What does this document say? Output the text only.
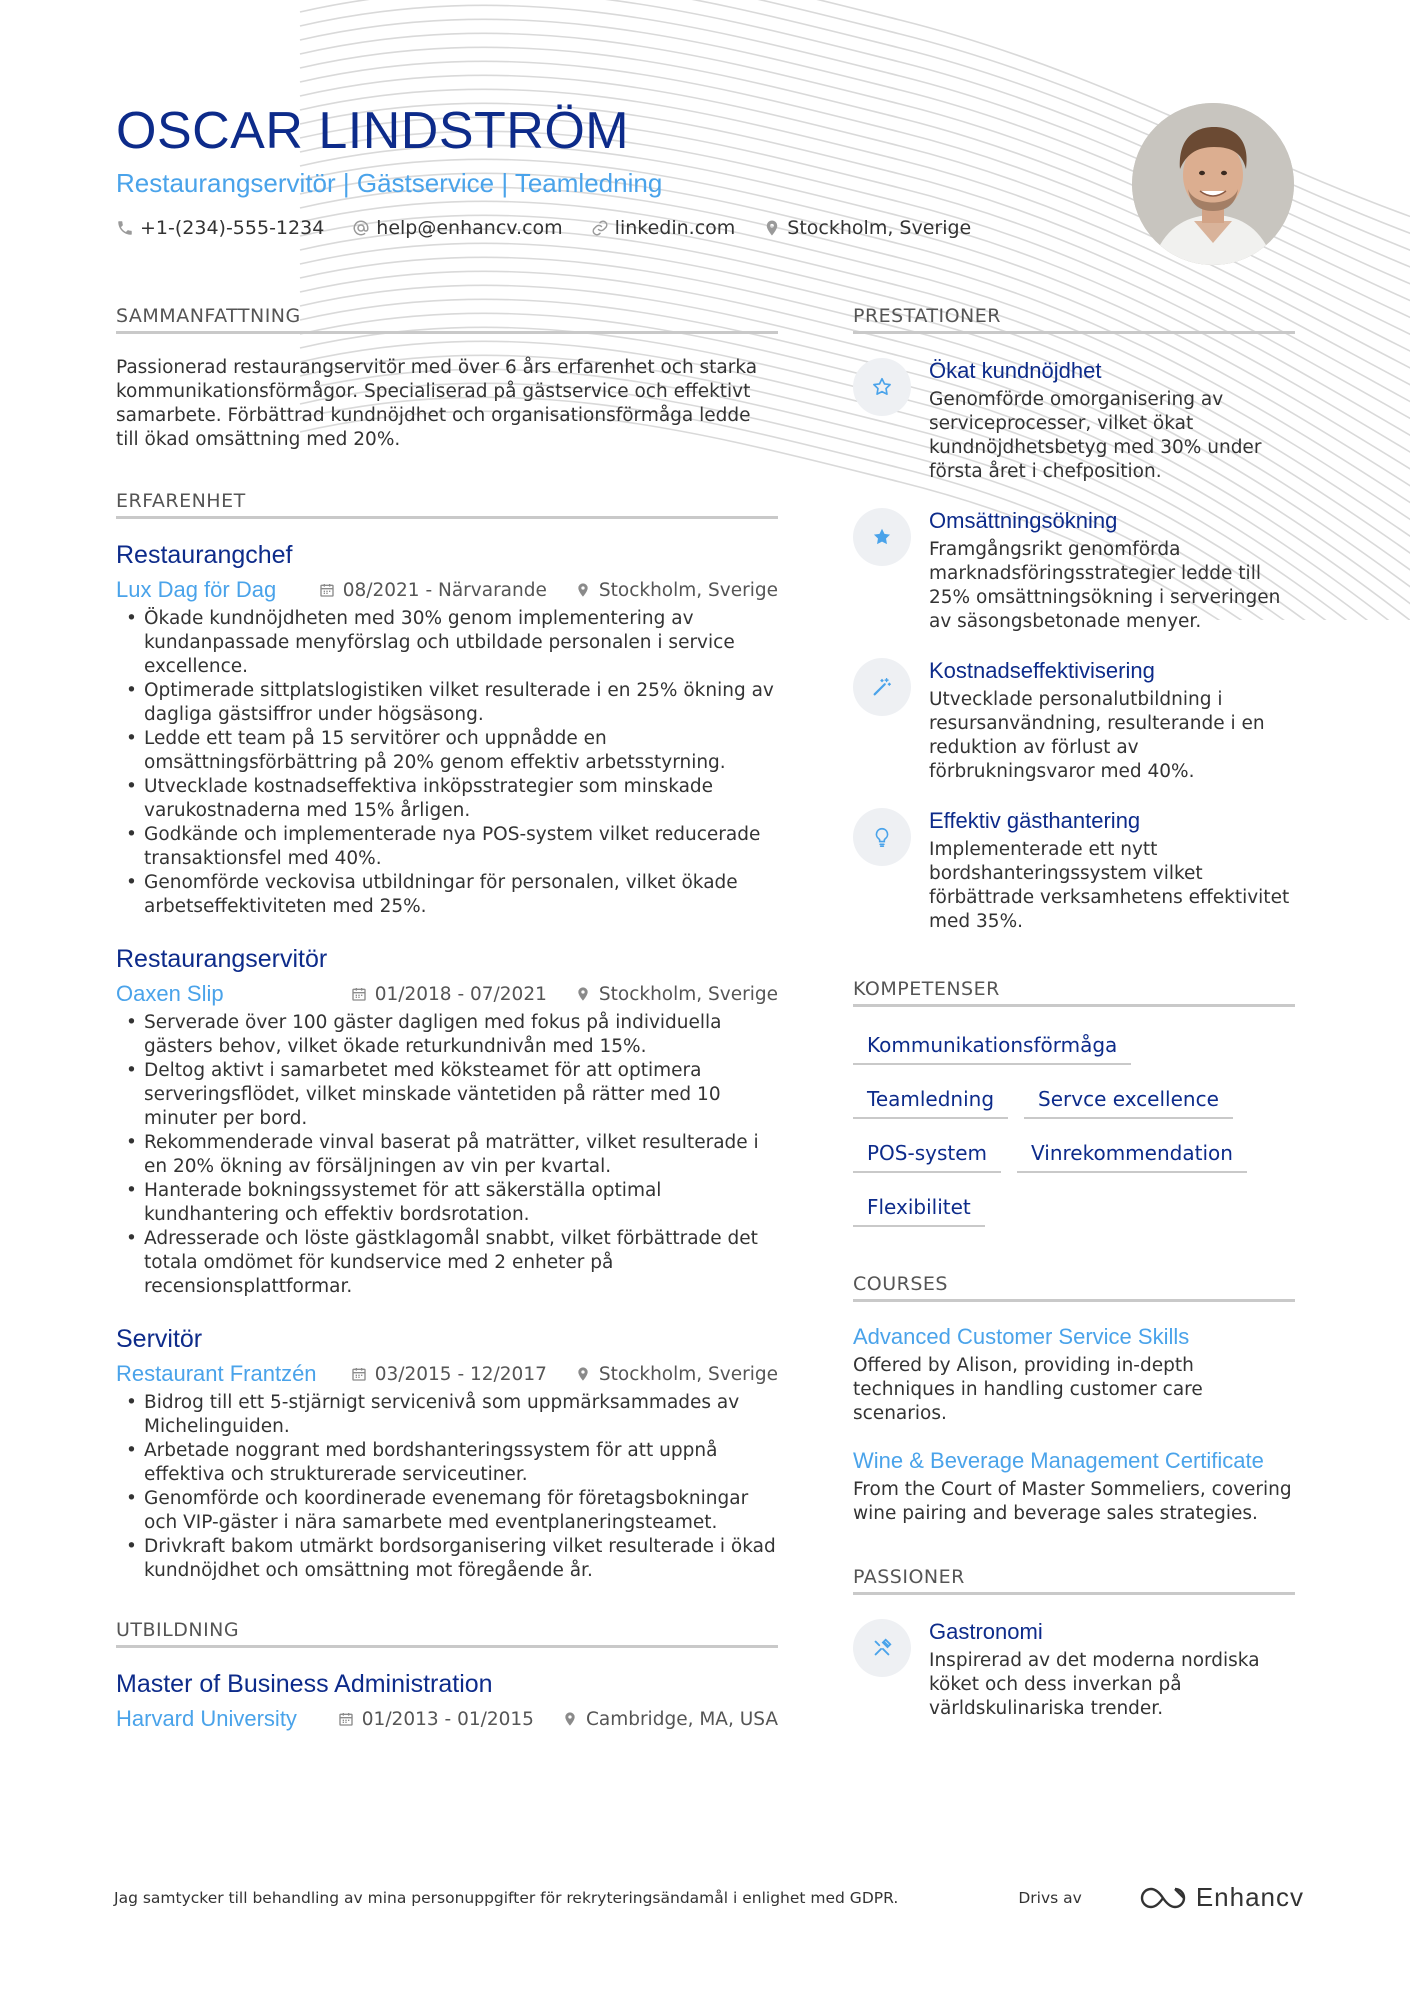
OSCAR LINDSTRÖM
Restaurangservitör | Gästservice | Teamledning
+1-(234)-555-1234	help@enhancv.com	linkedin.com	Stockholm, Sverige
SAMMANFATTNING

Passionerad restaurangservitör med över 6 års erfarenhet och starka kommunikationsförmågor. Specialiserad på gästservice och effektivt samarbete. Förbättrad kundnöjdhet och organisationsförmåga ledde till ökad omsättning med 20%.

ERFARENHET
Restaurangchef
Lux Dag för Dag	08/2021 - Närvarande	Stockholm, Sverige
• Ökade kundnöjdheten med 30% genom implementering av kundanpassade menyförslag och utbildade personalen i service excellence.
• Optimerade sittplatslogistiken vilket resulterade i en 25% ökning av dagliga gästsiffror under högsäsong.
• Ledde ett team på 15 servitörer och uppnådde en omsättningsförbättring på 20% genom effektiv arbetsstyrning.
• Utvecklade kostnadseffektiva inköpsstrategier som minskade varukostnaderna med 15% årligen.
• Godkände och implementerade nya POS-system vilket reducerade transaktionsfel med 40%.
• Genomförde veckovisa utbildningar för personalen, vilket ökade arbetseffektiviteten med 25%.
Restaurangservitör
Oaxen Slip	01/2018 - 07/2021	Stockholm, Sverige
• Serverade över 100 gäster dagligen med fokus på individuella gästers behov, vilket ökade returkundnivån med 15%.
• Deltog aktivt i samarbetet med köksteamet för att optimera serveringsflödet, vilket minskade väntetiden på rätter med 10 minuter per bord.
• Rekommenderade vinval baserat på maträtter, vilket resulterade i en 20% ökning av försäljningen av vin per kvartal.
• Hanterade bokningssystemet för att säkerställa optimal kundhantering och effektiv bordsrotation.
• Adresserade och löste gästklagomål snabbt, vilket förbättrade det totala omdömet för kundservice med 2 enheter på recensionsplattformar.
Servitör
Restaurant Frantzén	03/2015 - 12/2017	Stockholm, Sverige
• Bidrog till ett 5-stjärnigt servicenivå som uppmärksammades av Michelinguiden.
• Arbetade noggrant med bordshanteringssystem för att uppnå effektiva och strukturerade serviceutiner.
• Genomförde och koordinerade evenemang för företagsbokningar och VIP-gäster i nära samarbete med eventplaneringsteamet.
• Drivkraft bakom utmärkt bordsorganisering vilket resulterade i ökad kundnöjdhet och omsättning mot föregående år.
UTBILDNING
Master of Business Administration
Harvard University	01/2013 - 01/2015	Cambridge, MA, USA
PRESTATIONER
Ökat kundnöjdhet
Genomförde omorganisering av serviceprocesser, vilket ökat kundnöjdhetsbetyg med 30% under första året i chefposition.
Omsättningsökning
Framgångsrikt genomförda marknadsföringsstrategier ledde till 25% omsättningsökning i serveringen av säsongsbetonade menyer.
Kostnadseffektivisering
Utvecklade personalutbildning i resursanvändning, resulterande i en reduktion av förlust av förbrukningsvaror med 40%.
Effektiv gästhantering
Implementerade ett nytt bordshanteringssystem vilket förbättrade verksamhetens effektivitet med 35%.
KOMPETENSER
Kommunikationsförmåga
Teamledning	Servce excellence
POS-system	Vinrekommendation
Flexibilitet
COURSES
Advanced Customer Service Skills
Offered by Alison, providing in-depth techniques in handling customer care scenarios.
Wine & Beverage Management Certificate
From the Court of Master Sommeliers, covering wine pairing and beverage sales strategies.
PASSIONER
Gastronomi
Inspirerad av det moderna nordiska köket och dess inverkan på världskulinariska trender.
Jag samtycker till behandling av mina personuppgifter för rekryteringsändamål i enlighet med GDPR.	Drivs av	Enhancv
